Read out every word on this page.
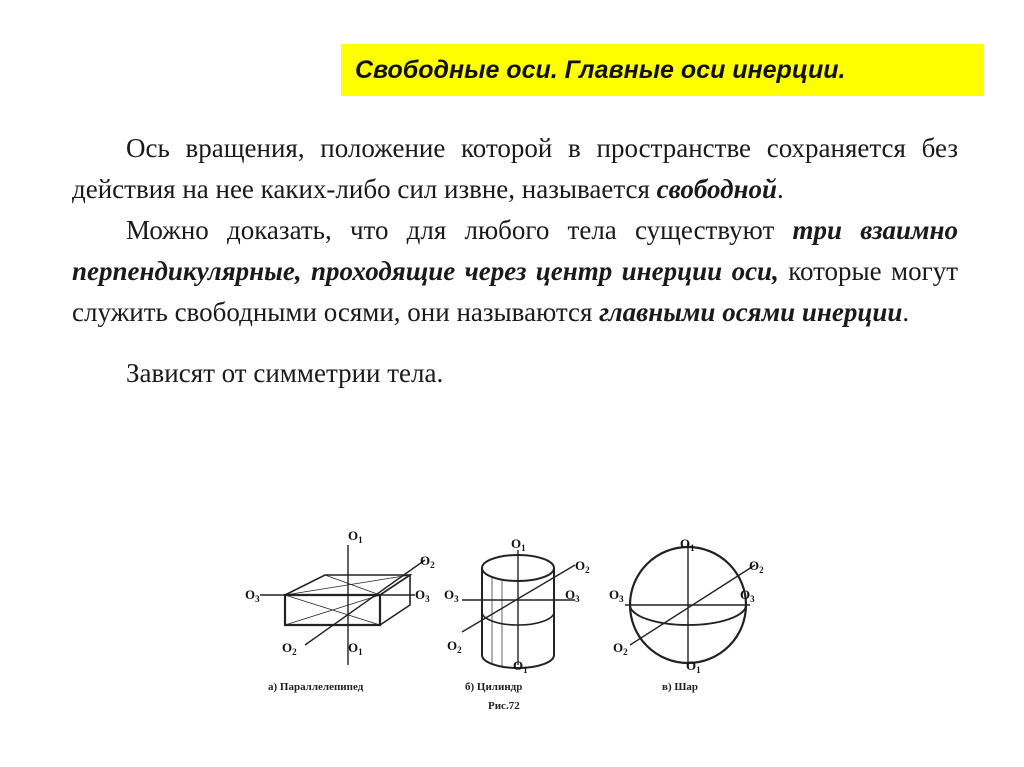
Свободные оси. Главные оси инерции.

Ось вращения, положение которой в пространстве сохраняется без действия на нее каких-либо сил извне, называется свободной.

Можно доказать, что для любого тела существуют три взаимно перпендикулярные, проходящие через центр инерции оси, которые могут служить свободными осями, они называются главными осями инерции.

Зависят от симметрии тела.

$O_1$
$O_2$
$O_3$	$O_3$
$O_2$	$O_1$
$O_1$
$O_2$
$O_3$	$O_3$
$O_2$
$O_1$
$O_1$
$O_2$
$O_3$	$O_3$
$O_2$
$O_1$
а) Параллелепипед	б) Цилиндр	в) Шар
Рис.72
